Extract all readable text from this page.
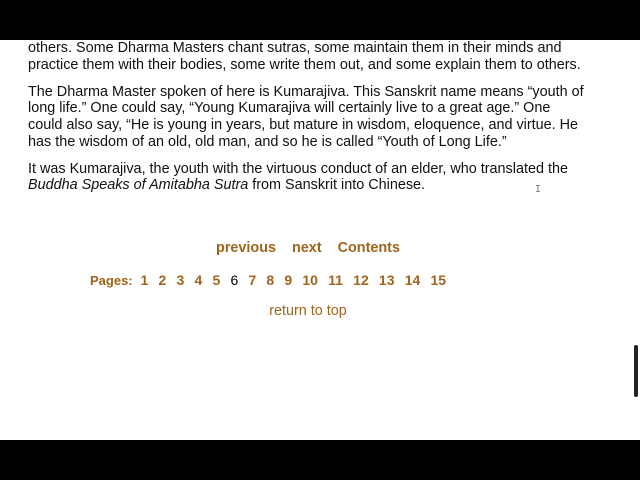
others. Some Dharma Masters chant sutras, some maintain them in their minds and practice them with their bodies, some write them out, and some explain them to others.

The Dharma Master spoken of here is Kumarajiva. This Sanskrit name means “youth of long life.” One could say, “Young Kumarajiva will certainly live to a great age.” One could also say, “He is young in years, but mature in wisdom, eloquence, and virtue. He has the wisdom of an old, old man, and so he is called “Youth of Long Life.”

It was Kumarajiva, the youth with the virtuous conduct of an elder, who translated the Buddha Speaks of Amitabha Sutra from Sanskrit into Chinese.

previous next Contents
Pages: 1 2 3 4 5 6 7 8 9 10 11 12 13 14 15
return to top
I
